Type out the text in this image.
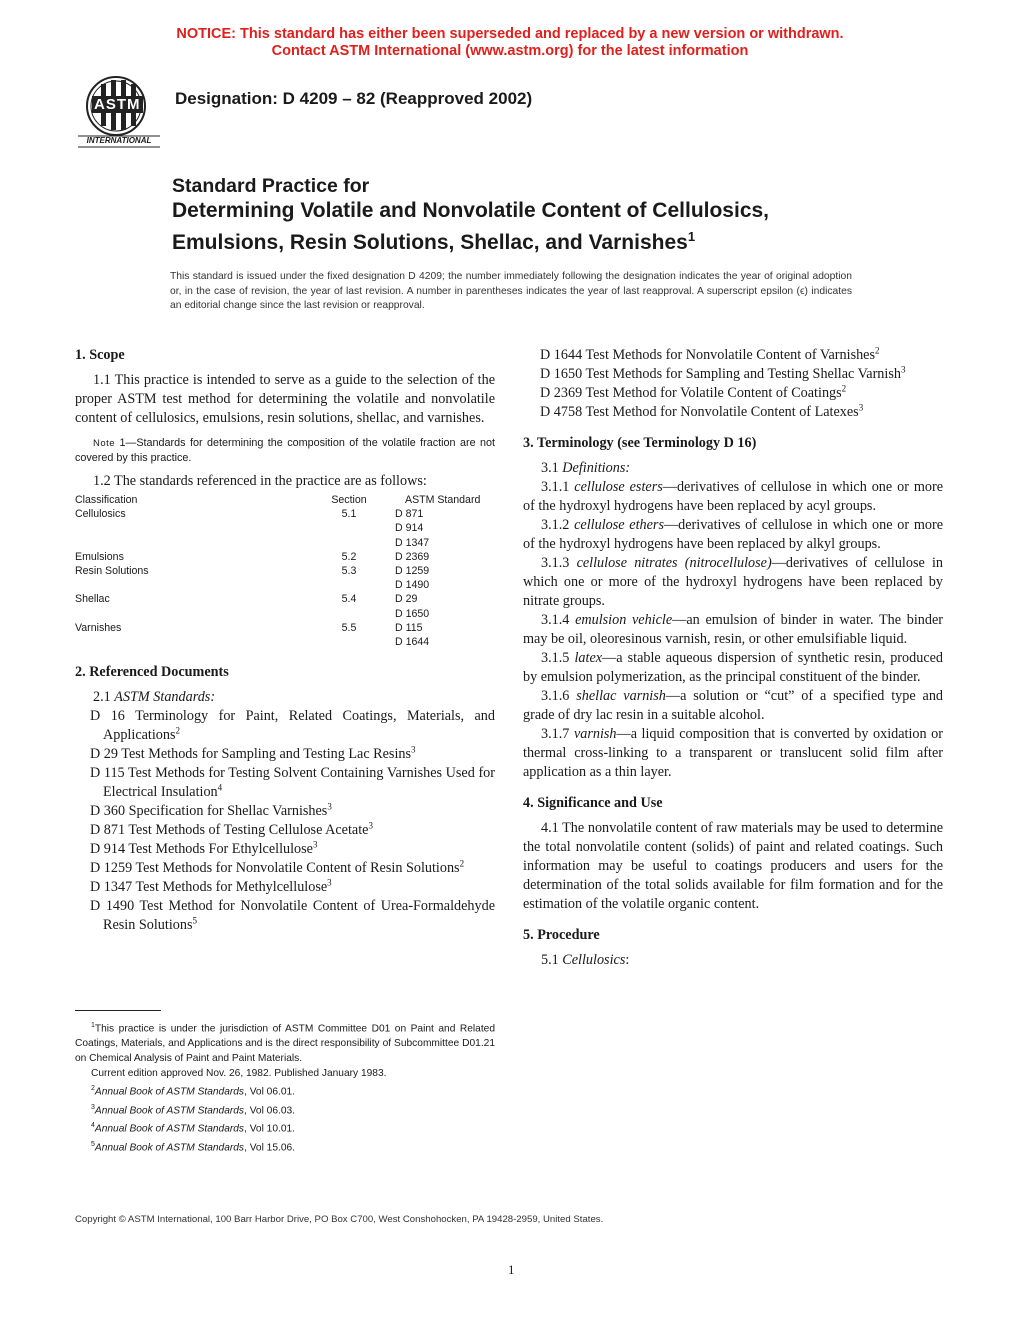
NOTICE: This standard has either been superseded and replaced by a new version or withdrawn.
Contact ASTM International (www.astm.org) for the latest information
ASTM
INTERNATIONAL
Designation: D 4209 – 82 (Reapproved 2002)
Standard Practice for
Determining Volatile and Nonvolatile Content of Cellulosics, Emulsions, Resin Solutions, Shellac, and Varnishes$^1$
This standard is issued under the fixed designation D 4209; the number immediately following the designation indicates the year of original adoption or, in the case of revision, the year of last revision. A number in parentheses indicates the year of last reapproval. A superscript epsilon (ϵ) indicates an editorial change since the last revision or reapproval.
1. Scope

1.1 This practice is intended to serve as a guide to the selection of the proper ASTM test method for determining the volatile and nonvolatile content of cellulosics, emulsions, resin solutions, shellac, and varnishes.

Note 1—Standards for determining the composition of the volatile fraction are not covered by this practice.

1.2 The standards referenced in the practice are as follows:

Classification	Section	ASTM Standard
Cellulosics	5.1	D 871
		D 914
		D 1347
Emulsions	5.2	D 2369
Resin Solutions	5.3	D 1259
		D 1490
Shellac	5.4	D 29
		D 1650
Varnishes	5.5	D 115
		D 1644
2. Referenced Documents

2.1 ASTM Standards:

D 16 Terminology for Paint, Related Coatings, Materials, and Applications$^2$
D 29 Test Methods for Sampling and Testing Lac Resins$^3$
D 115 Test Methods for Testing Solvent Containing Varnishes Used for Electrical Insulation$^4$
D 360 Specification for Shellac Varnishes$^3$
D 871 Test Methods of Testing Cellulose Acetate$^3$
D 914 Test Methods For Ethylcellulose$^3$
D 1259 Test Methods for Nonvolatile Content of Resin Solutions$^2$
D 1347 Test Methods for Methylcellulose$^3$
D 1490 Test Method for Nonvolatile Content of Urea-Formaldehyde Resin Solutions$^5$
D 1644 Test Methods for Nonvolatile Content of Varnishes$^2$
D 1650 Test Methods for Sampling and Testing Shellac Varnish$^3$
D 2369 Test Method for Volatile Content of Coatings$^2$
D 4758 Test Method for Nonvolatile Content of Latexes$^3$
3. Terminology (see Terminology D 16)

3.1 Definitions:

3.1.1 cellulose esters—derivatives of cellulose in which one or more of the hydroxyl hydrogens have been replaced by acyl groups.

3.1.2 cellulose ethers—derivatives of cellulose in which one or more of the hydroxyl hydrogens have been replaced by alkyl groups.

3.1.3 cellulose nitrates (nitrocellulose)—derivatives of cellulose in which one or more of the hydroxyl hydrogens have been replaced by nitrate groups.

3.1.4 emulsion vehicle—an emulsion of binder in water. The binder may be oil, oleoresinous varnish, resin, or other emulsifiable liquid.

3.1.5 latex—a stable aqueous dispersion of synthetic resin, produced by emulsion polymerization, as the principal constituent of the binder.

3.1.6 shellac varnish—a solution or “cut” of a specified type and grade of dry lac resin in a suitable alcohol.

3.1.7 varnish—a liquid composition that is converted by oxidation or thermal cross-linking to a transparent or translucent solid film after application as a thin layer.

4. Significance and Use

4.1 The nonvolatile content of raw materials may be used to determine the total nonvolatile content (solids) of paint and related coatings. Such information may be useful to coatings producers and users for the determination of the total solids available for film formation and for the estimation of the volatile organic content.

5. Procedure

5.1 Cellulosics:

$^1$This practice is under the jurisdiction of ASTM Committee D01 on Paint and Related Coatings, Materials, and Applications and is the direct responsibility of Subcommittee D01.21 on Chemical Analysis of Paint and Paint Materials.
Current edition approved Nov. 26, 1982. Published January 1983.
$^2$Annual Book of ASTM Standards, Vol 06.01.
$^3$Annual Book of ASTM Standards, Vol 06.03.
$^4$Annual Book of ASTM Standards, Vol 10.01.
$^5$Annual Book of ASTM Standards, Vol 15.06.
Copyright © ASTM International, 100 Barr Harbor Drive, PO Box C700, West Conshohocken, PA 19428-2959, United States.
1
